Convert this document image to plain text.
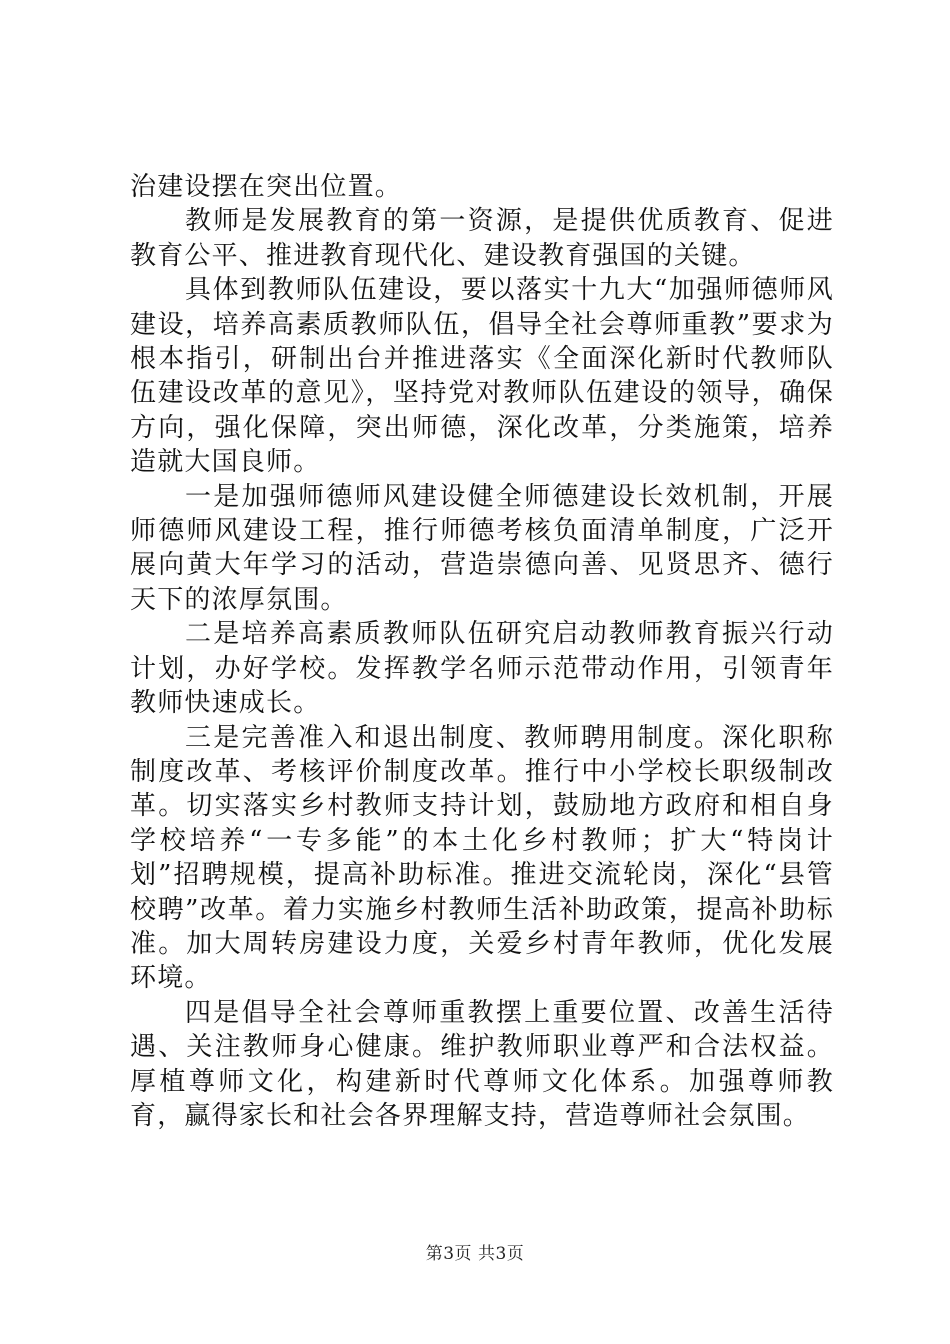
治建设摆在突出位置。

教师是发展教育的第一资源，是提供优质教育、促进教育公平、推进教育现代化、建设教育强国的关键。

具体到教师队伍建设，要以落实十九大“加强师德师风建设，培养高素质教师队伍，倡导全社会尊师重教”要求为根本指引，研制出台并推进落实《全面深化新时代教师队伍建设改革的意见》，坚持党对教师队伍建设的领导，确保方向，强化保障，突出师德，深化改革，分类施策，培养造就大国良师。

一是加强师德师风建设健全师德建设长效机制，开展师德师风建设工程，推行师德考核负面清单制度，广泛开展向黄大年学习的活动，营造崇德向善、见贤思齐、德行天下的浓厚氛围。

二是培养高素质教师队伍研究启动教师教育振兴行动计划，办好学校。发挥教学名师示范带动作用，引领青年教师快速成长。

三是完善准入和退出制度、教师聘用制度。深化职称制度改革、考核评价制度改革。推行中小学校长职级制改革。切实落实乡村教师支持计划，鼓励地方政府和相自身学校培养“一专多能”的本土化乡村教师；扩大“特岗计划”招聘规模，提高补助标准。推进交流轮岗，深化“县管校聘”改革。着力实施乡村教师生活补助政策，提高补助标准。加大周转房建设力度，关爱乡村青年教师，优化发展环境。

四是倡导全社会尊师重教摆上重要位置、改善生活待遇、关注教师身心健康。维护教师职业尊严和合法权益。厚植尊师文化，构建新时代尊师文化体系。加强尊师教育，赢得家长和社会各界理解支持，营造尊师社会氛围。

第3页 共3页
